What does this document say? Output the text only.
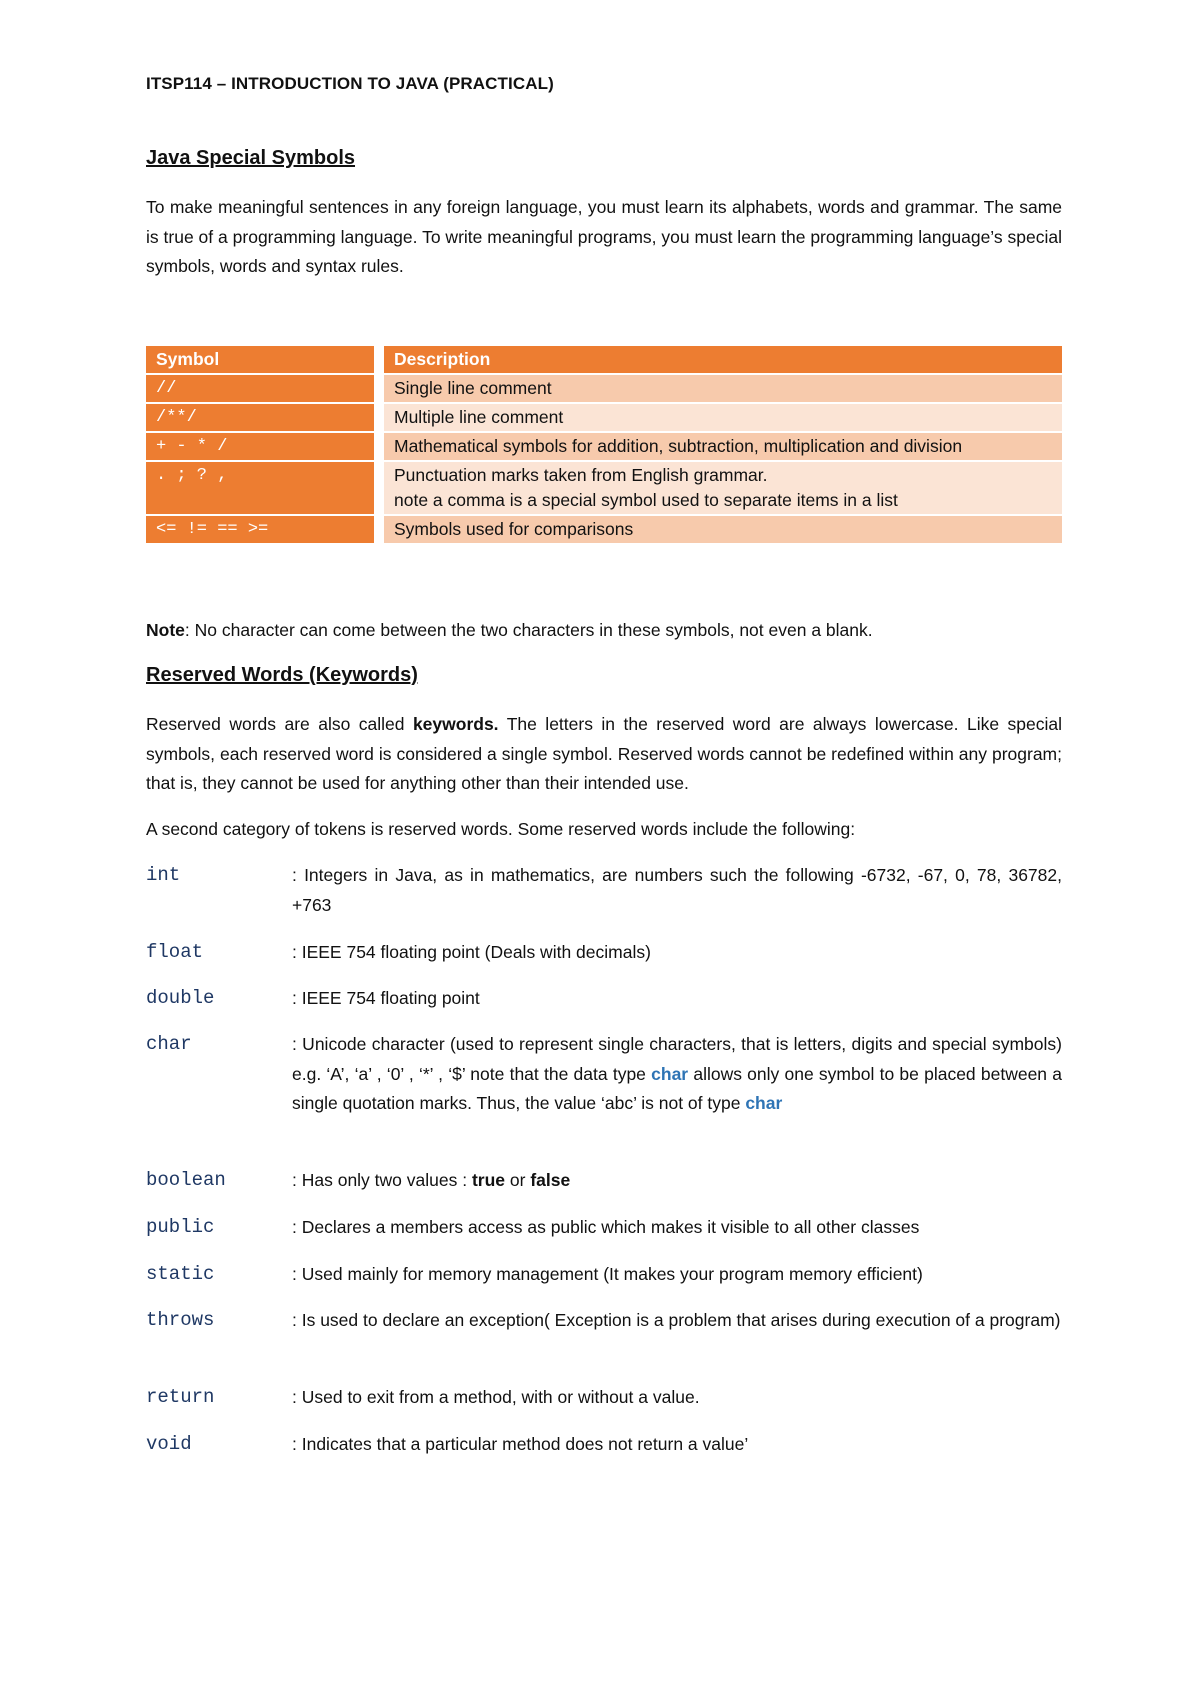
ITSP114 – INTRODUCTION TO JAVA (PRACTICAL)
Java Special Symbols

To make meaningful sentences in any foreign language, you must learn its alphabets, words and grammar. The same is true of a programming language. To write meaningful programs, you must learn the programming language’s special symbols, words and syntax rules.

Symbol	Description
//	Single line comment
/**/	Multiple line comment
+ - * /	Mathematical symbols for addition, subtraction, multiplication and division
. ; ? ,	Punctuation marks taken from English grammar.
note a comma is a special symbol used to separate items in a list

<= != == >=	Symbols used for comparisons
Note: No character can come between the two characters in these symbols, not even a blank.
Reserved Words (Keywords)

Reserved words are also called keywords. The letters in the reserved word are always lowercase. Like special symbols, each reserved word is considered a single symbol. Reserved words cannot be redefined within any program; that is, they cannot be used for anything other than their intended use.

A second category of tokens is reserved words. Some reserved words include the following:

int	: Integers in Java, as in mathematics, are numbers such the following -6732, -67, 0, 78, 36782, +763
float	: IEEE 754 floating point (Deals with decimals)
double	: IEEE 754 floating point
char	: Unicode character (used to represent single characters, that is letters, digits and special symbols) e.g. ‘A’, ‘a’ , ‘0’ , ‘*’ , ‘$’ note that the data type char allows only one symbol to be placed between a single quotation marks. Thus, the value ‘abc’ is not of type char
boolean	: Has only two values : true or false
public	: Declares a members access as public which makes it visible to all other classes
static	: Used mainly for memory management (It makes your program memory efficient)
throws	: Is used to declare an exception( Exception is a problem that arises during execution of a program)
return	: Used to exit from a method, with or without a value.
void	: Indicates that a particular method does not return a value’
